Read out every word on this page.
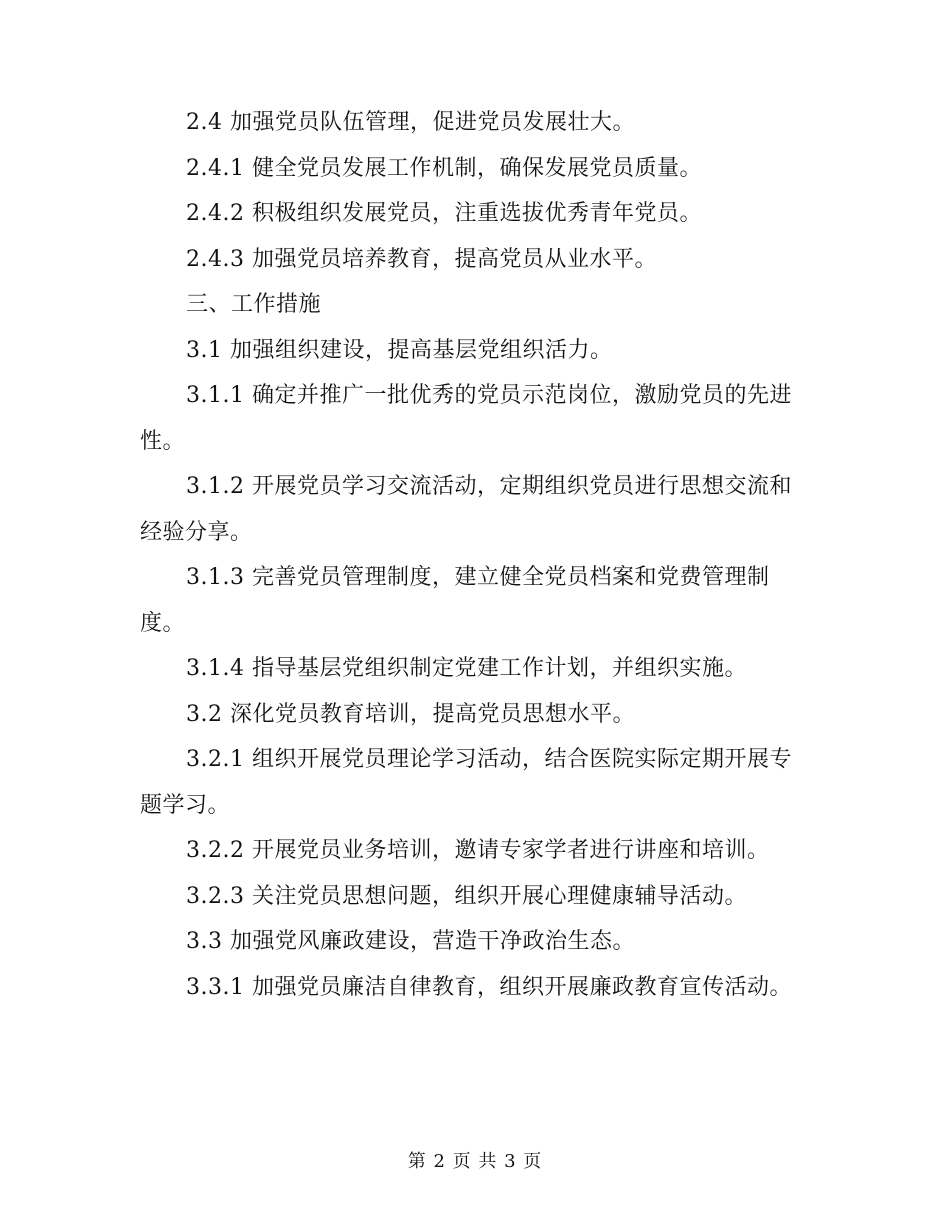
2.4 加强党员队伍管理，促进党员发展壮大。

2.4.1 健全党员发展工作机制，确保发展党员质量。

2.4.2 积极组织发展党员，注重选拔优秀青年党员。

2.4.3 加强党员培养教育，提高党员从业水平。

三、工作措施

3.1 加强组织建设，提高基层党组织活力。

3.1.1 确定并推广一批优秀的党员示范岗位，激励党员的先进性。

3.1.2 开展党员学习交流活动，定期组织党员进行思想交流和经验分享。

3.1.3 完善党员管理制度，建立健全党员档案和党费管理制度。

3.1.4 指导基层党组织制定党建工作计划，并组织实施。

3.2 深化党员教育培训，提高党员思想水平。

3.2.1 组织开展党员理论学习活动，结合医院实际定期开展专题学习。

3.2.2 开展党员业务培训，邀请专家学者进行讲座和培训。

3.2.3 关注党员思想问题，组织开展心理健康辅导活动。

3.3 加强党风廉政建设，营造干净政治生态。

3.3.1 加强党员廉洁自律教育，组织开展廉政教育宣传活动。

第 2 页 共 3 页
